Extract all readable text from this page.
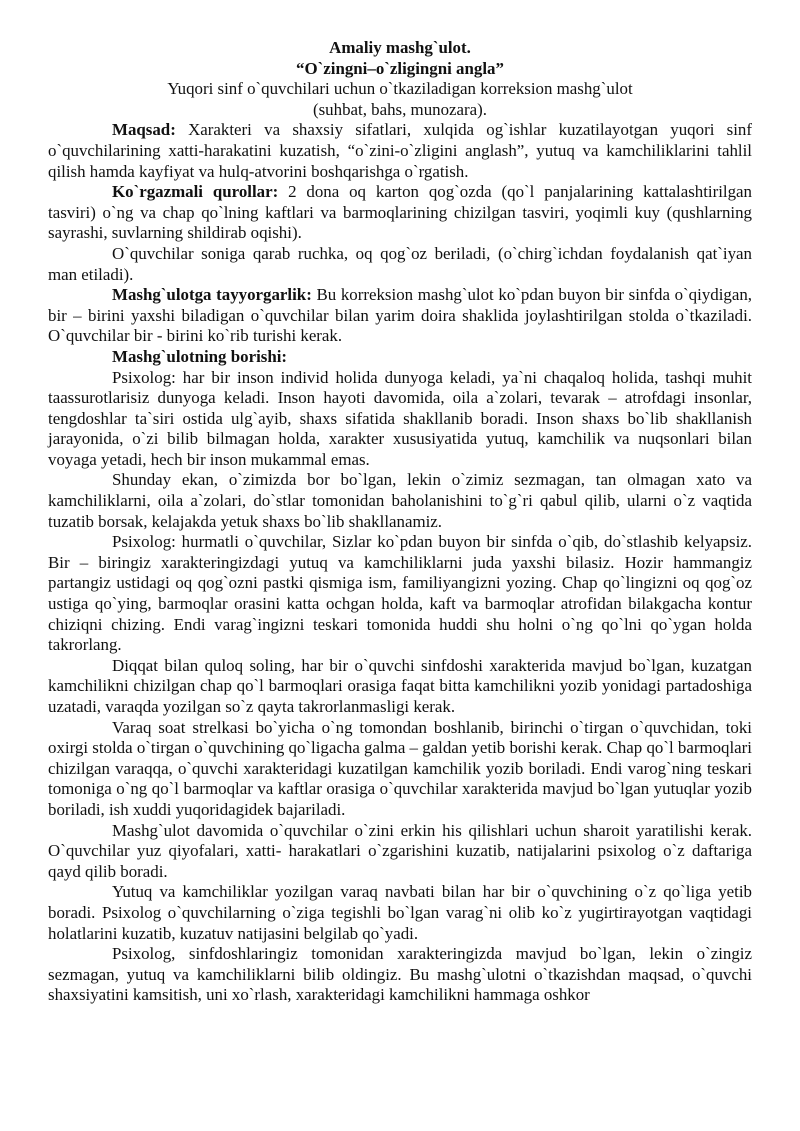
Amaliy mashg`ulot.
“O`zingni–o`zligingni angla”
Yuqori sinf o`quvchilari uchun o`tkaziladigan korreksion mashg`ulot
(suhbat, bahs, munozara).

Maqsad: Xarakteri va shaxsiy sifatlari, xulqida og`ishlar kuzatilayotgan yuqori sinf o`quvchilarining xatti-harakatini kuzatish, “o`zini-o`zligini anglash”, yutuq va kamchiliklarini tahlil qilish hamda kayfiyat va hulq-atvorini boshqarishga o`rgatish.

Ko`rgazmali qurollar: 2 dona oq karton qog`ozda (qo`l panjalarining kattalashtirilgan tasviri) o`ng va chap qo`lning kaftlari va barmoqlarining chizilgan tasviri, yoqimli kuy (qushlarning sayrashi, suvlarning shildirab oqishi).

O`quvchilar soniga qarab ruchka, oq qog`oz beriladi, (o`chirg`ichdan foydalanish qat`iyan man etiladi).

Mashg`ulotga tayyorgarlik: Bu korreksion mashg`ulot ko`pdan buyon bir sinfda o`qiydigan, bir – birini yaxshi biladigan o`quvchilar bilan yarim doira shaklida joylashtirilgan stolda o`tkaziladi. O`quvchilar bir - birini ko`rib turishi kerak.

Mashg`ulotning borishi:

Psixolog: har bir inson individ holida dunyoga keladi, ya`ni chaqaloq holida, tashqi muhit taassurotlarisiz dunyoga keladi. Inson hayoti davomida, oila a`zolari, tevarak – atrofdagi insonlar, tengdoshlar ta`siri ostida ulg`ayib, shaxs sifatida shakllanib boradi. Inson shaxs bo`lib shakllanish jarayonida, o`zi bilib bilmagan holda, xarakter xususiyatida yutuq, kamchilik va nuqsonlari bilan voyaga yetadi, hech bir inson mukammal emas.

Shunday ekan, o`zimizda bor bo`lgan, lekin o`zimiz sezmagan, tan olmagan xato va kamchiliklarni, oila a`zolari, do`stlar tomonidan baholanishini to`g`ri qabul qilib, ularni o`z vaqtida tuzatib borsak, kelajakda yetuk shaxs bo`lib shakllanamiz.

Psixolog: hurmatli o`quvchilar, Sizlar ko`pdan buyon bir sinfda o`qib, do`stlashib kelyapsiz. Bir – biringiz xarakteringizdagi yutuq va kamchiliklarni juda yaxshi bilasiz. Hozir hammangiz partangiz ustidagi oq qog`ozni pastki qismiga ism, familiyangizni yozing. Chap qo`lingizni oq qog`oz ustiga qo`ying, barmoqlar orasini katta ochgan holda, kaft va barmoqlar atrofidan bilakgacha kontur chiziqni chizing. Endi varag`ingizni teskari tomonida huddi shu holni o`ng qo`lni qo`ygan holda takrorlang.

Diqqat bilan quloq soling, har bir o`quvchi sinfdoshi xarakterida mavjud bo`lgan, kuzatgan kamchilikni chizilgan chap qo`l barmoqlari orasiga faqat bitta kamchilikni yozib yonidagi partadoshiga uzatadi, varaqda yozilgan so`z qayta takrorlanmasligi kerak.

Varaq soat strelkasi bo`yicha o`ng tomondan boshlanib, birinchi o`tirgan o`quvchidan, toki oxirgi stolda o`tirgan o`quvchining qo`ligacha galma – galdan yetib borishi kerak. Chap qo`l barmoqlari chizilgan varaqqa, o`quvchi xarakteridagi kuzatilgan kamchilik yozib boriladi. Endi varog`ning teskari tomoniga o`ng qo`l barmoqlar va kaftlar orasiga o`quvchilar xarakterida mavjud bo`lgan yutuqlar yozib boriladi, ish xuddi yuqoridagidek bajariladi.

Mashg`ulot davomida o`quvchilar o`zini erkin his qilishlari uchun sharoit yaratilishi kerak. O`quvchilar yuz qiyofalari, xatti- harakatlari o`zgarishini kuzatib, natijalarini psixolog o`z daftariga qayd qilib boradi.

Yutuq va kamchiliklar yozilgan varaq navbati bilan har bir o`quvchining o`z qo`liga yetib boradi. Psixolog o`quvchilarning o`ziga tegishli bo`lgan varag`ni olib ko`z yugirtirayotgan vaqtidagi holatlarini kuzatib, kuzatuv natijasini belgilab qo`yadi.

Psixolog, sinfdoshlaringiz tomonidan xarakteringizda mavjud bo`lgan, lekin o`zingiz sezmagan, yutuq va kamchiliklarni bilib oldingiz. Bu mashg`ulotni o`tkazishdan maqsad, o`quvchi shaxsiyatini kamsitish, uni xo`rlash, xarakteridagi kamchilikni hammaga oshkor
